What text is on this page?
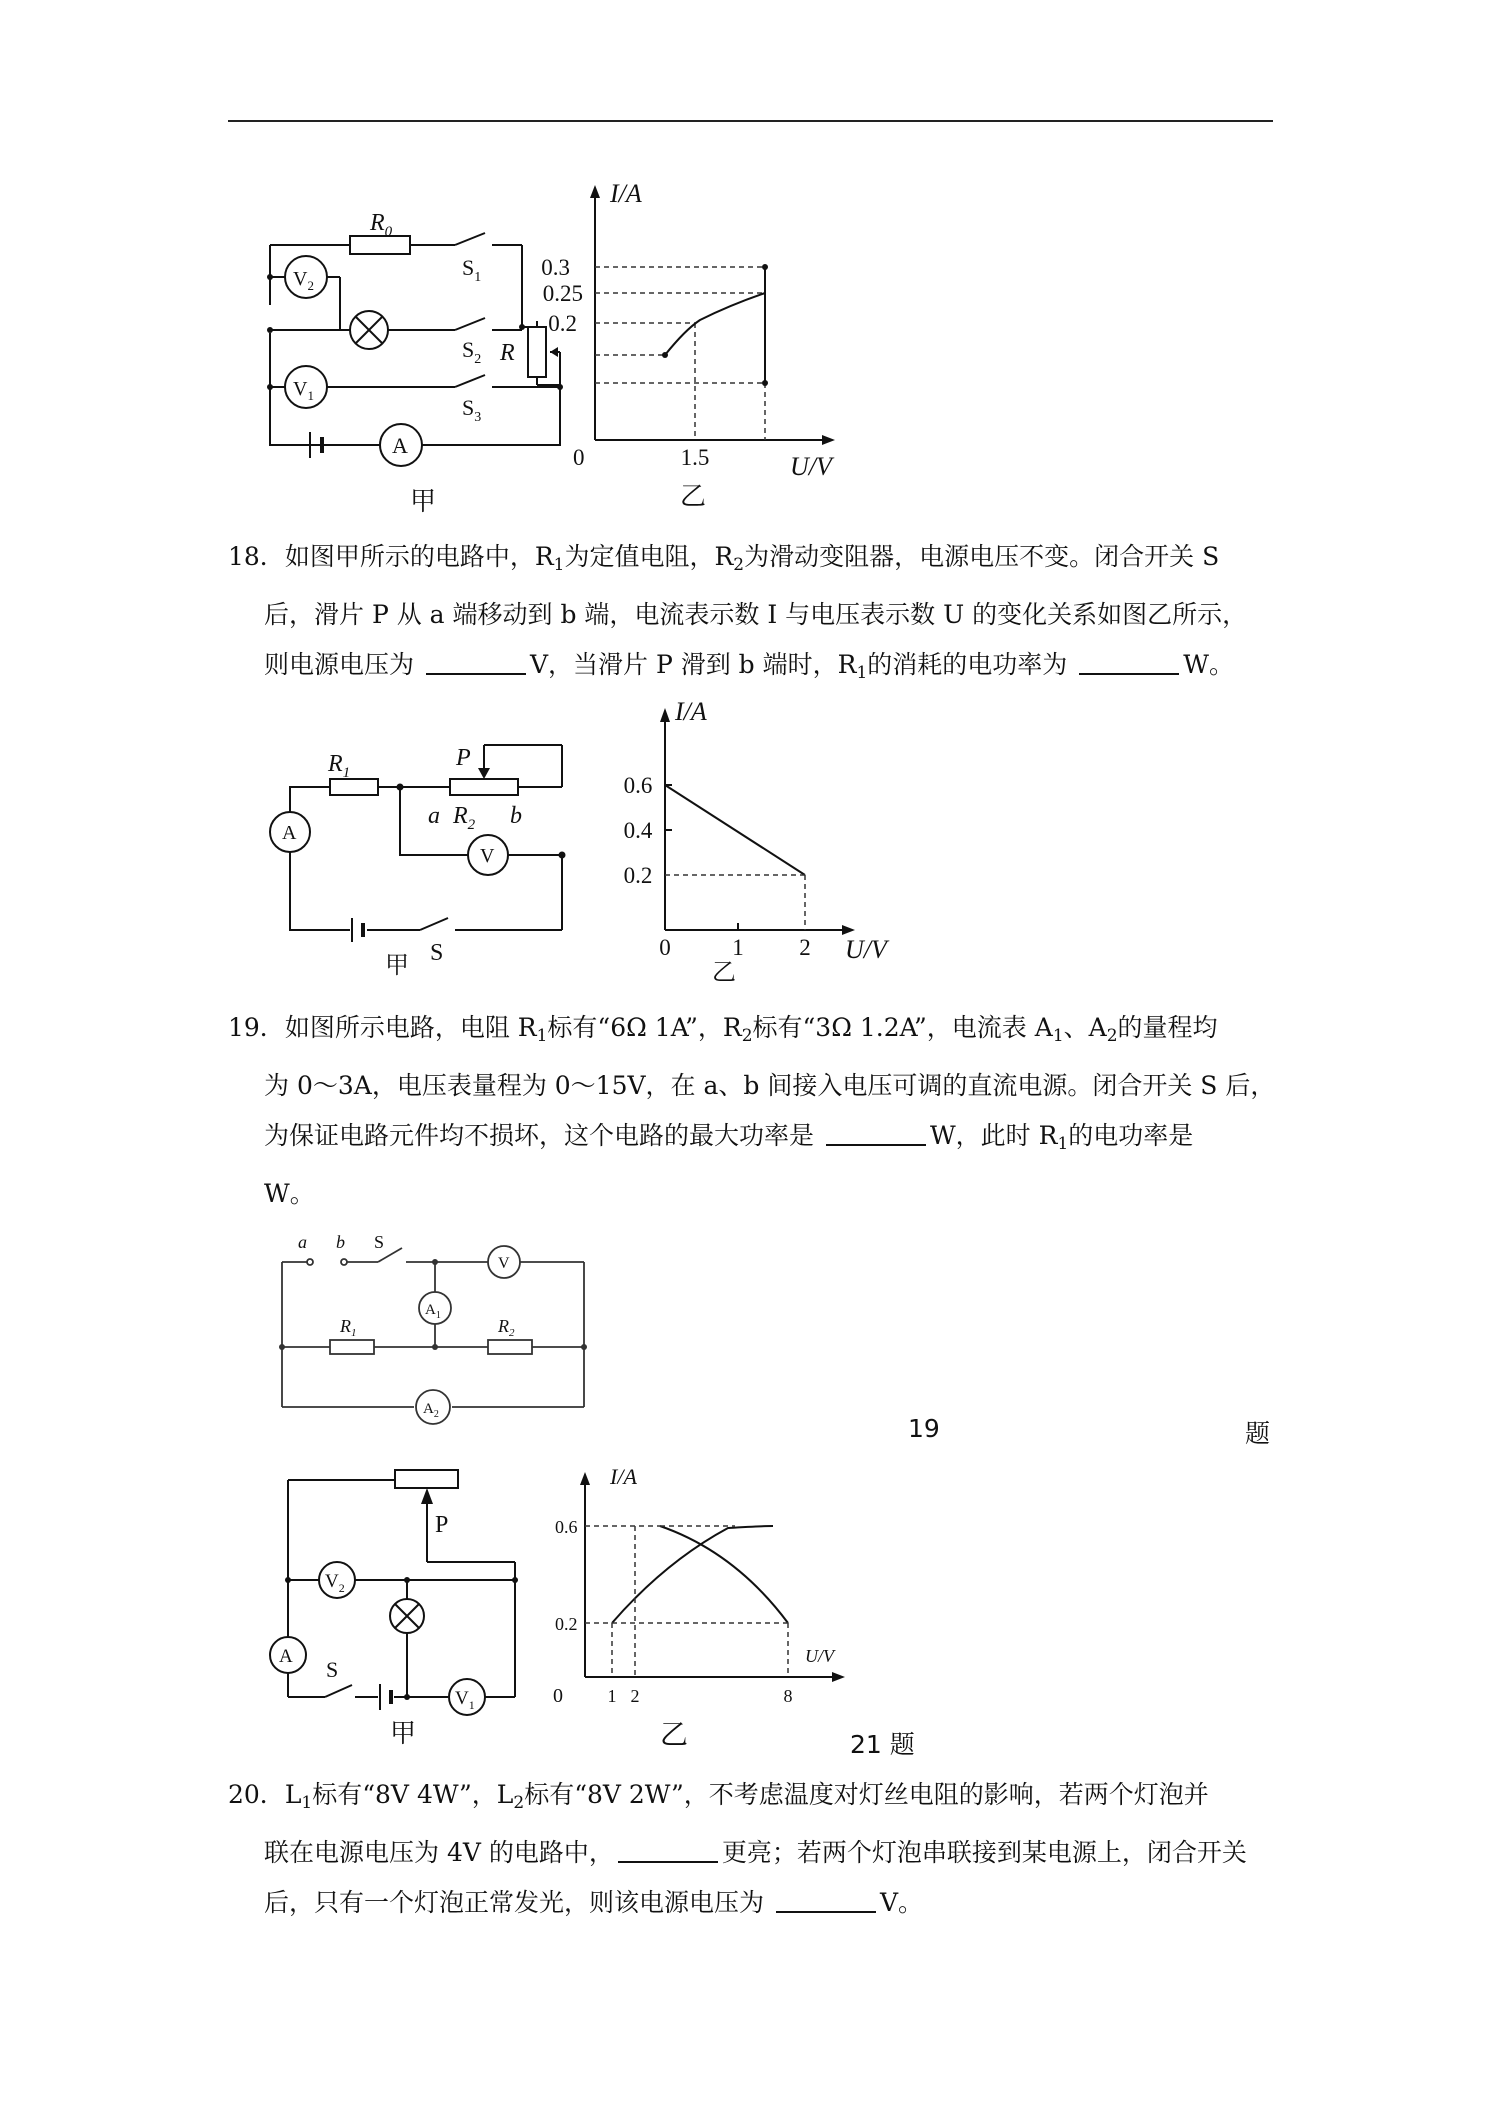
$R_0$
$V_2$
$S_1$
$S_2$ R
$V_1$	$S_3$
A
甲
I/A
0.3
0.25
0.2
0	1.5	U/V
乙

18．如图甲所示的电路中，$R_1$为定值电阻，$R_2$为滑动变阻器，电源电压不变。闭合开关 S

后，滑片 P 从 a 端移动到 b 端，电流表示数 I 与电压表示数 U 的变化关系如图乙所示，

则电源电压为	V，当滑片 P 滑到 b 端时，$R_1$的消耗的电功率为	W。

$R_1$
P
a $R_2$ b
A
V
S
甲
I/A
0.6
0.4
0.2
0	1 2 U/V
乙

19．如图所示电路，电阻 $R_1$标有“6Ω 1A”，$R_2$标有“3Ω 1.2A”，电流表 $A_1$、$A_2$的量程均

为 0～3A，电压表量程为 0～15V，在 a、b 间接入电压可调的直流电源。闭合开关 S 后，

为保证电路元件均不损坏，这个电路的最大功率是	W，此时 $R_1$的电功率是

W。

a b S
V
$A_1$
$R_1$	$R_2$
$A_2$	19	题
P
$V_2$
A
S
$V_1$
甲
I/A
0.6
0.2
U/V
0 1 2	8
乙	21 题

20．$L_1$标有“8V 4W”，$L_2$标有“8V 2W”，不考虑温度对灯丝电阻的影响，若两个灯泡并

联在电源电压为 4V 的电路中，	更亮；若两个灯泡串联接到某电源上，闭合开关

后，只有一个灯泡正常发光，则该电源电压为	V。
